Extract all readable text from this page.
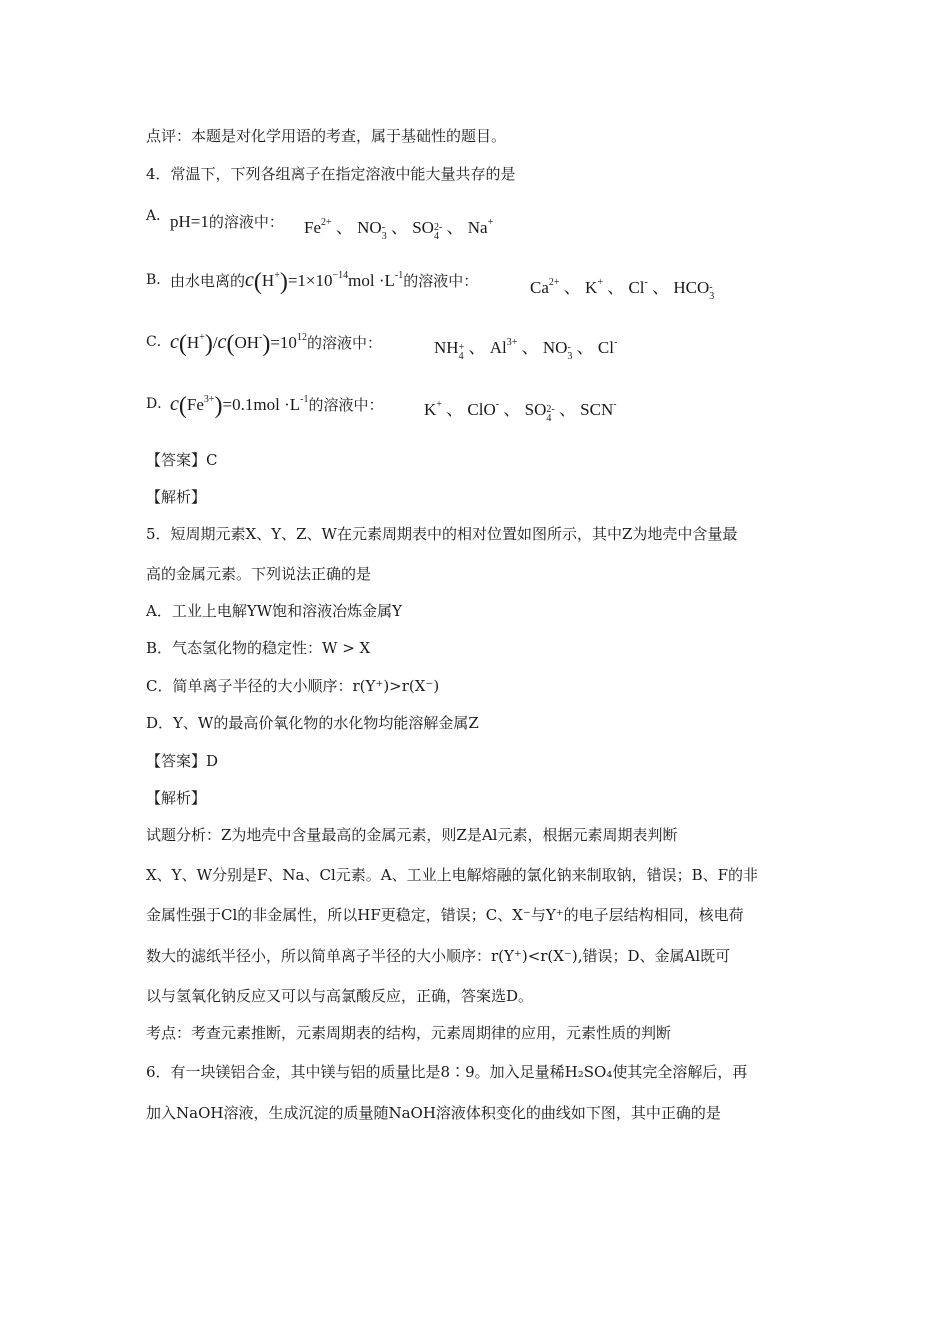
点评：本题是对化学用语的考查，属于基础性的题目。
4．常温下，下列各组离子在指定溶液中能大量共存的是
A． pH=1的溶液中： $Fe^{2+}$ 、 NO -
3 、 SO 2-
4 、 Na+
B． 由水电离的$c(H^+)=1\times 10^{-14}mol \cdot L^{-1}$的溶液中：	$Ca^{2+}$ 、 K+ 、 Cl- 、 HCO -
3
C． $c(H^+)/c(OH^-)=10^{12}$的溶液中：	NH +
4 、 $Al^{3+}$ 、 NO -
3 、 Cl-
D．
$c(Fe^{3+})=0.1mol \cdot L^{-1}$的溶液中： K+ 、 ClO- 、 SO 2-
4 、 SCN-
【答案】C
【解析】
5．短周期元素X、Y、Z、W在元素周期表中的相对位置如图所示，其中Z为地壳中含量最
高的金属元素。下列说法正确的是
A．工业上电解YW饱和溶液冶炼金属Y
B．气态氢化物的稳定性：W > X
C．简单离子半径的大小顺序：r(Y⁺)>r(X⁻)
D．Y、W的最高价氧化物的水化物均能溶解金属Z
【答案】D
【解析】
试题分析：Z为地壳中含量最高的金属元素，则Z是Al元素，根据元素周期表判断
X、Y、W分别是F、Na、Cl元素。A、工业上电解熔融的氯化钠来制取钠，错误；B、F的非
金属性强于Cl的非金属性，所以HF更稳定，错误；C、X⁻与Y⁺的电子层结构相同，核电荷
数大的滤纸半径小，所以简单离子半径的大小顺序：r(Y⁺)<r(X⁻),错误；D、金属Al既可
以与氢氧化钠反应又可以与高氯酸反应，正确，答案选D。
考点：考查元素推断，元素周期表的结构，元素周期律的应用，元素性质的判断
6．有一块镁铝合金，其中镁与铝的质量比是8∶9。加入足量稀H₂SO₄使其完全溶解后，再
加入NaOH溶液，生成沉淀的质量随NaOH溶液体积变化的曲线如下图，其中正确的是
